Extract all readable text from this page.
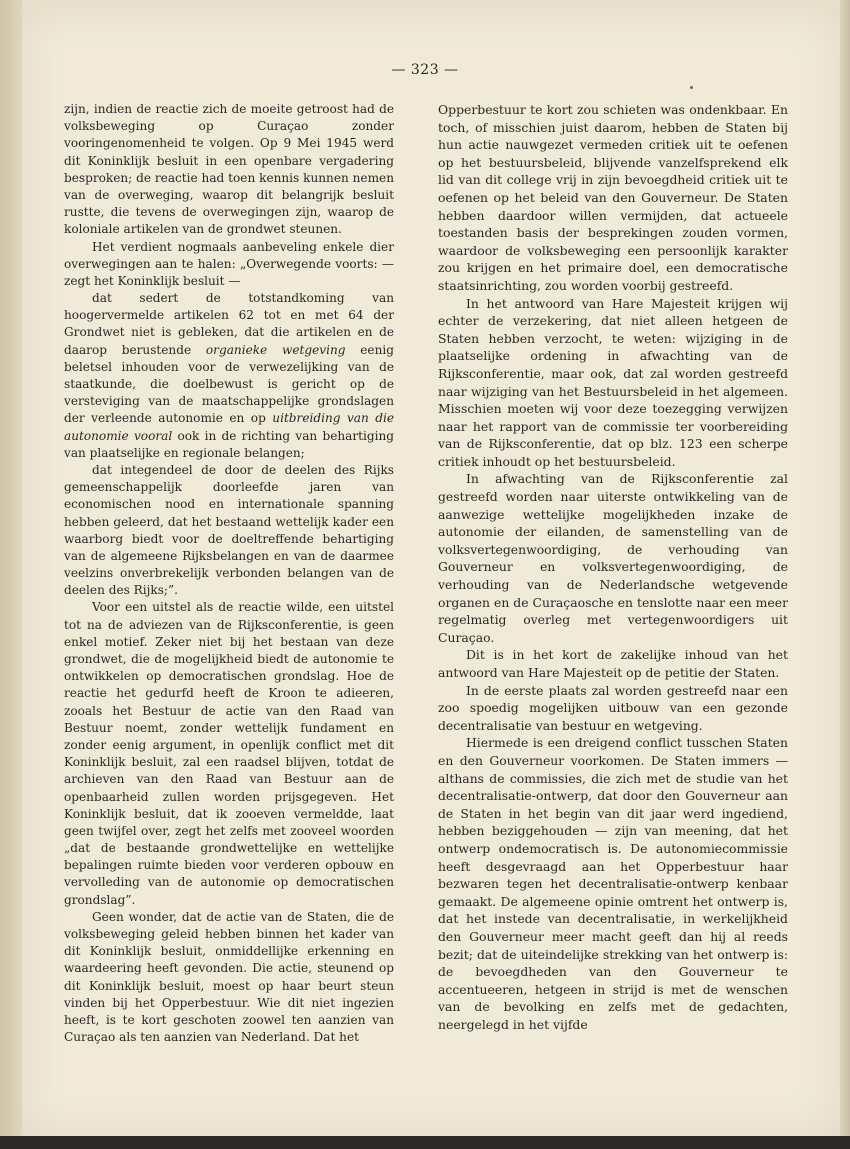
— 323 —

zijn, indien de reactie zich de moeite getroost had de volksbeweging op Curaçao zonder vooringenomenheid te volgen. Op 9 Mei 1945 werd dit Koninklijk besluit in een openbare vergadering besproken; de reactie had toen kennis kunnen nemen van de overweging, waarop dit belangrijk besluit rustte, die tevens de overwegingen zijn, waarop de koloniale artikelen van de grondwet steunen.

Het verdient nogmaals aanbeveling enkele dier overwegingen aan te halen: „Overwegende voorts: — zegt het Koninklijk besluit —

dat sedert de totstandkoming van hoogervermelde artikelen 62 tot en met 64 der Grondwet niet is gebleken, dat die artikelen en de daarop berustende organieke wetgeving eenig beletsel inhouden voor de verwezelijking van de staatkunde, die doelbewust is gericht op de versteviging van de maatschappelijke grondslagen der verleende autonomie en op uitbreiding van die autonomie vooral ook in de richting van behartiging van plaatselijke en regionale belangen;

dat integendeel de door de deelen des Rijks gemeenschappelijk doorleefde jaren van economischen nood en internationale spanning hebben geleerd, dat het bestaand wettelijk kader een waarborg biedt voor de doeltreffende behartiging van de algemeene Rijksbelangen en van de daarmee veelzins onverbrekelijk verbonden belangen van de deelen des Rijks;”.

Voor een uitstel als de reactie wilde, een uitstel tot na de adviezen van de Rijksconferentie, is geen enkel motief. Zeker niet bij het bestaan van deze grondwet, die de mogelijkheid biedt de autonomie te ontwikkelen op democratischen grondslag. Hoe de reactie het gedurfd heeft de Kroon te adieeren, zooals het Bestuur de actie van den Raad van Bestuur noemt, zonder wettelijk fundament en zonder eenig argument, in openlijk conflict met dit Koninklijk besluit, zal een raadsel blijven, totdat de archieven van den Raad van Bestuur aan de openbaarheid zullen worden prijsgegeven. Het Koninklijk besluit, dat ik zooeven vermeldde, laat geen twijfel over, zegt het zelfs met zooveel woorden „dat de bestaande grondwettelijke en wettelijke bepalingen ruimte bieden voor verderen opbouw en vervolleding van de autonomie op democratischen grondslag”.

Geen wonder, dat de actie van de Staten, die de volksbeweging geleid hebben binnen het kader van dit Koninklijk besluit, onmiddellijke erkenning en waardeering heeft gevonden. Die actie, steunend op dit Koninklijk besluit, moest op haar beurt steun vinden bij het Opperbestuur. Wie dit niet ingezien heeft, is te kort geschoten zoowel ten aanzien van Curaçao als ten aanzien van Nederland. Dat het

Opperbestuur te kort zou schieten was ondenkbaar. En toch, of misschien juist daarom, hebben de Staten bij hun actie nauwgezet vermeden critiek uit te oefenen op het bestuursbeleid, blijvende vanzelfsprekend elk lid van dit college vrij in zijn bevoegdheid critiek uit te oefenen op het beleid van den Gouverneur. De Staten hebben daardoor willen vermijden, dat actueele toestanden basis der besprekingen zouden vormen, waardoor de volksbeweging een persoonlijk karakter zou krijgen en het primaire doel, een democratische staatsinrichting, zou worden voorbij gestreefd.

In het antwoord van Hare Majesteit krijgen wij echter de verzekering, dat niet alleen hetgeen de Staten hebben verzocht, te weten: wijziging in de plaatselijke ordening in afwachting van de Rijksconferentie, maar ook, dat zal worden gestreefd naar wijziging van het Bestuursbeleid in het algemeen. Misschien moeten wij voor deze toezegging verwijzen naar het rapport van de commissie ter voorbereiding van de Rijksconferentie, dat op blz. 123 een scherpe critiek inhoudt op het bestuursbeleid.

In afwachting van de Rijksconferentie zal gestreefd worden naar uiterste ontwikkeling van de aanwezige wettelijke mogelijkheden inzake de autonomie der eilanden, de samenstelling van de volksvertegenwoordiging, de verhouding van Gouverneur en volksvertegenwoordiging, de verhouding van de Nederlandsche wetgevende organen en de Curaçaosche en tenslotte naar een meer regelmatig overleg met vertegenwoordigers uit Curaçao.

Dit is in het kort de zakelijke inhoud van het antwoord van Hare Majesteit op de petitie der Staten.

In de eerste plaats zal worden gestreefd naar een zoo spoedig mogelijken uitbouw van een gezonde decentralisatie van bestuur en wetgeving.

Hiermede is een dreigend conflict tusschen Staten en den Gouverneur voorkomen. De Staten immers — althans de commissies, die zich met de studie van het decentralisatie-ontwerp, dat door den Gouverneur aan de Staten in het begin van dit jaar werd ingediend, hebben beziggehouden — zijn van meening, dat het ontwerp ondemocratisch is. De autonomiecommissie heeft desgevraagd aan het Opperbestuur haar bezwaren tegen het decentralisatie-ontwerp kenbaar gemaakt. De algemeene opinie omtrent het ontwerp is, dat het instede van decentralisatie, in werkelijkheid den Gouverneur meer macht geeft dan hij al reeds bezit; dat de uiteindelijke strekking van het ontwerp is: de bevoegdheden van den Gouverneur te accentueeren, hetgeen in strijd is met de wenschen van de bevolking en zelfs met de gedachten, neergelegd in het vijfde
